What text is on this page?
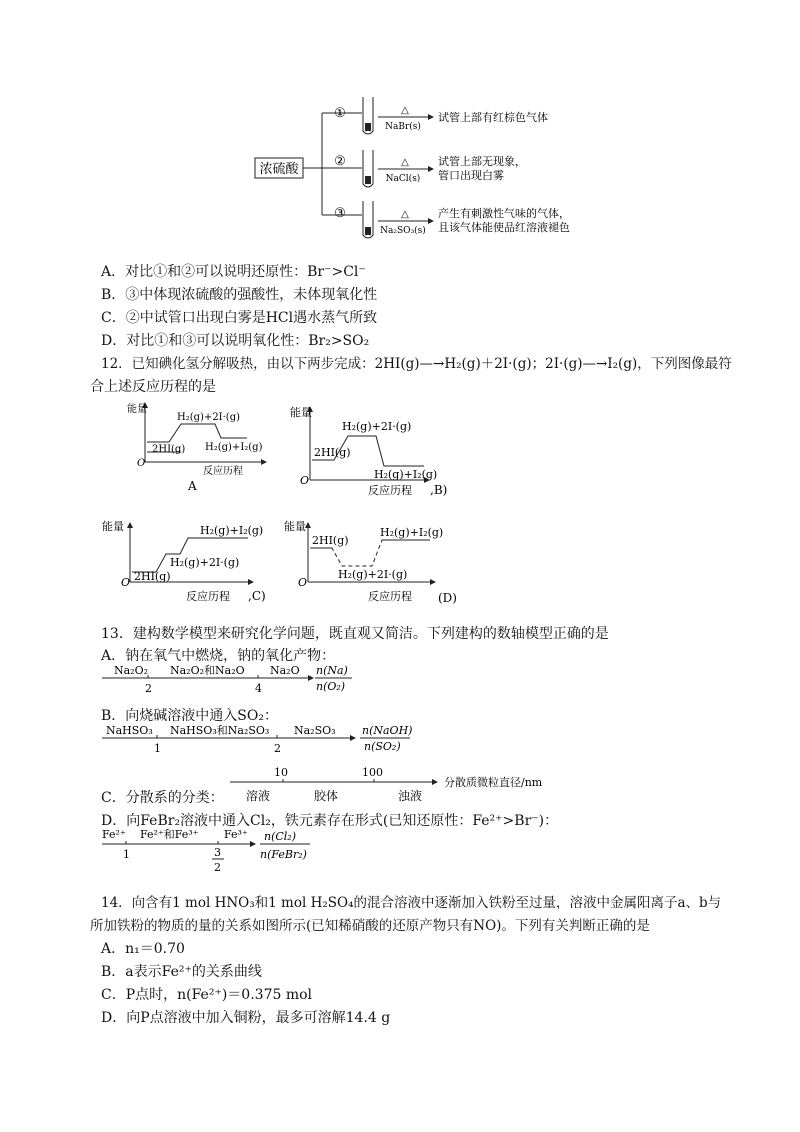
浓硫酸
①
②
③
△
△
△
NaBr(s)
NaCl(s)
Na₂SO₃(s)
试管上部有红棕色气体
试管上部无现象，
管口出现白雾
产生有刺激性气味的气体，
且该气体能使品红溶液褪色
A．对比①和②可以说明还原性：Br⁻>Cl⁻
B．③中体现浓硫酸的强酸性，未体现氧化性
C．②中试管口出现白雾是HCl遇水蒸气所致
D．对比①和③可以说明氧化性：Br₂>SO₂
12．已知碘化氢分解吸热，由以下两步完成：2HI(g)—→H₂(g)＋2I·(g)；2I·(g)—→I₂(g)，下列图像最符
合上述反应历程的是
能量
O
2HI(g)
H₂(g)+2I·(g)
H₂(g)+I₂(g)
反应历程
A
能量
O
2HI(g)
H₂(g)+2I·(g)
H₂(g)+I₂(g)
反应历程 ,B)
能量
O 2HI(g)
H₂(g)+2I·(g)
H₂(g)+I₂(g)
反应历程 ,C)
能量
O
2HI(g)
H₂(g)+2I·(g)
H₂(g)+I₂(g)
反应历程 (D)
13．建构数学模型来研究化学问题，既直观又简洁。下列建构的数轴模型正确的是
A．钠在氧气中燃烧，钠的氧化产物：
Na₂O₂ Na₂O₂和Na₂O Na₂O
2	4
n(Na)
n(O₂)
B．向烧碱溶液中通入SO₂：
NaHSO₃ NaHSO₃和Na₂SO₃ Na₂SO₃
1	2
n(NaOH)
n(SO₂)
C．分散系的分类：
10	100
分散质微粒直径/nm
溶液	胶体	浊液
D．向FeBr₂溶液中通入Cl₂，铁元素存在形式(已知还原性：Fe²⁺>Br⁻)：
Fe²⁺ Fe²⁺和Fe³⁺ Fe³⁺
1	3
2
n(Cl₂)
n(FeBr₂)
14．向含有1 mol HNO₃和1 mol H₂SO₄的混合溶液中逐渐加入铁粉至过量，溶液中金属阳离子a、b与
所加铁粉的物质的量的关系如图所示(已知稀硝酸的还原产物只有NO)。下列有关判断正确的是
A．n₁＝0.70
B．a表示Fe²⁺的关系曲线
C．P点时，n(Fe²⁺)＝0.375 mol
D．向P点溶液中加入铜粉，最多可溶解14.4 g
